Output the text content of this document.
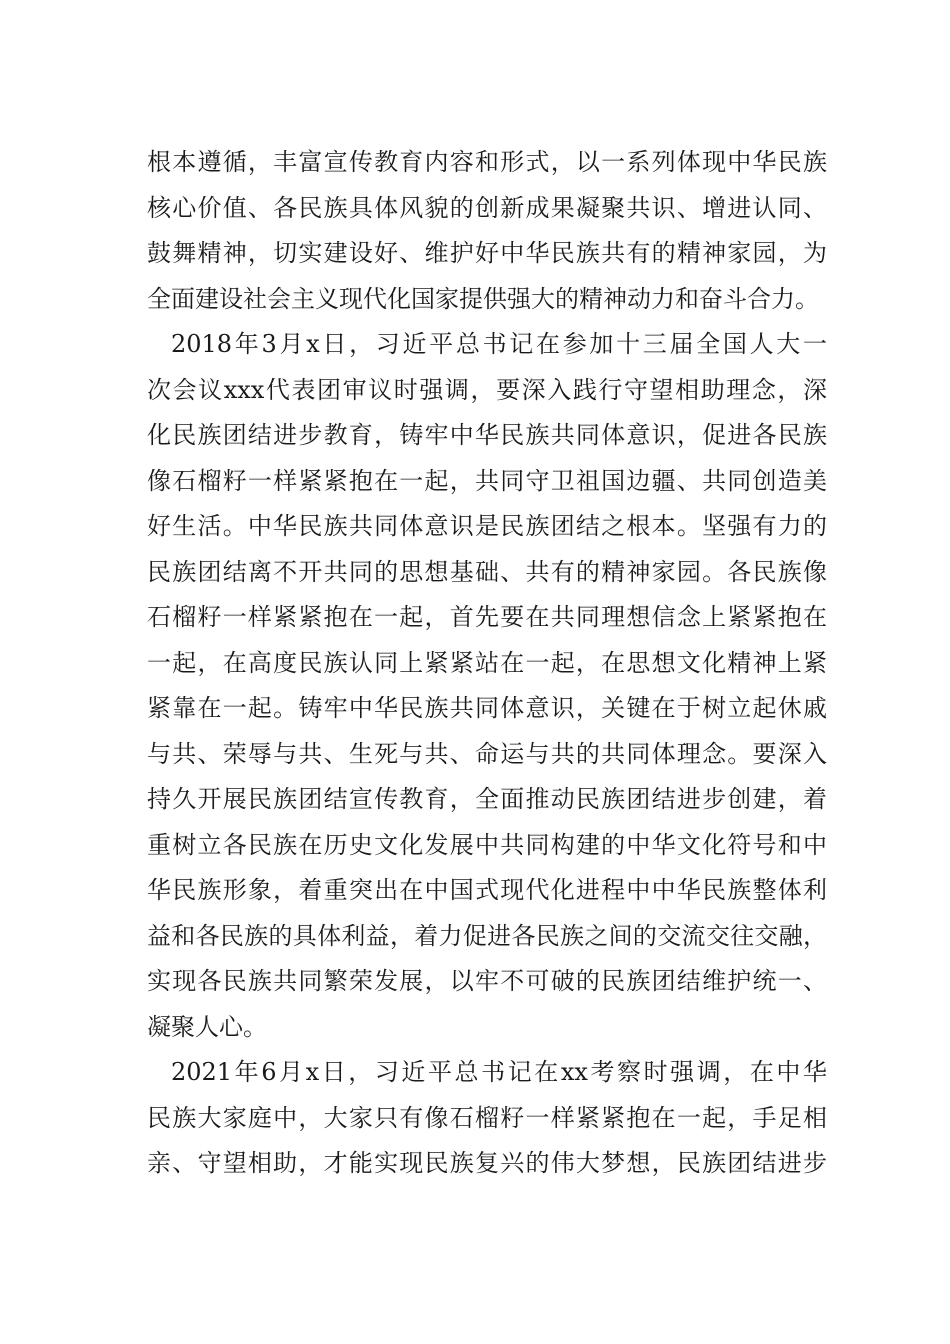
根本遵循，丰富宣传教育内容和形式，以一系列体现中华民族
核心价值、各民族具体风貌的创新成果凝聚共识、增进认同、
鼓舞精神，切实建设好、维护好中华民族共有的精神家园，为
全面建设社会主义现代化国家提供强大的精神动力和奋斗合力。
2018年3月x日，习近平总书记在参加十三届全国人大一
次会议xxx代表团审议时强调，要深入践行守望相助理念，深
化民族团结进步教育，铸牢中华民族共同体意识，促进各民族
像石榴籽一样紧紧抱在一起，共同守卫祖国边疆、共同创造美
好生活。中华民族共同体意识是民族团结之根本。坚强有力的
民族团结离不开共同的思想基础、共有的精神家园。各民族像
石榴籽一样紧紧抱在一起，首先要在共同理想信念上紧紧抱在
一起，在高度民族认同上紧紧站在一起，在思想文化精神上紧
紧靠在一起。铸牢中华民族共同体意识，关键在于树立起休戚
与共、荣辱与共、生死与共、命运与共的共同体理念。要深入
持久开展民族团结宣传教育，全面推动民族团结进步创建，着
重树立各民族在历史文化发展中共同构建的中华文化符号和中
华民族形象，着重突出在中国式现代化进程中中华民族整体利
益和各民族的具体利益，着力促进各民族之间的交流交往交融，
实现各民族共同繁荣发展，以牢不可破的民族团结维护统一、
凝聚人心。
2021年6月x日，习近平总书记在xx考察时强调，在中华
民族大家庭中，大家只有像石榴籽一样紧紧抱在一起，手足相
亲、守望相助，才能实现民族复兴的伟大梦想，民族团结进步
